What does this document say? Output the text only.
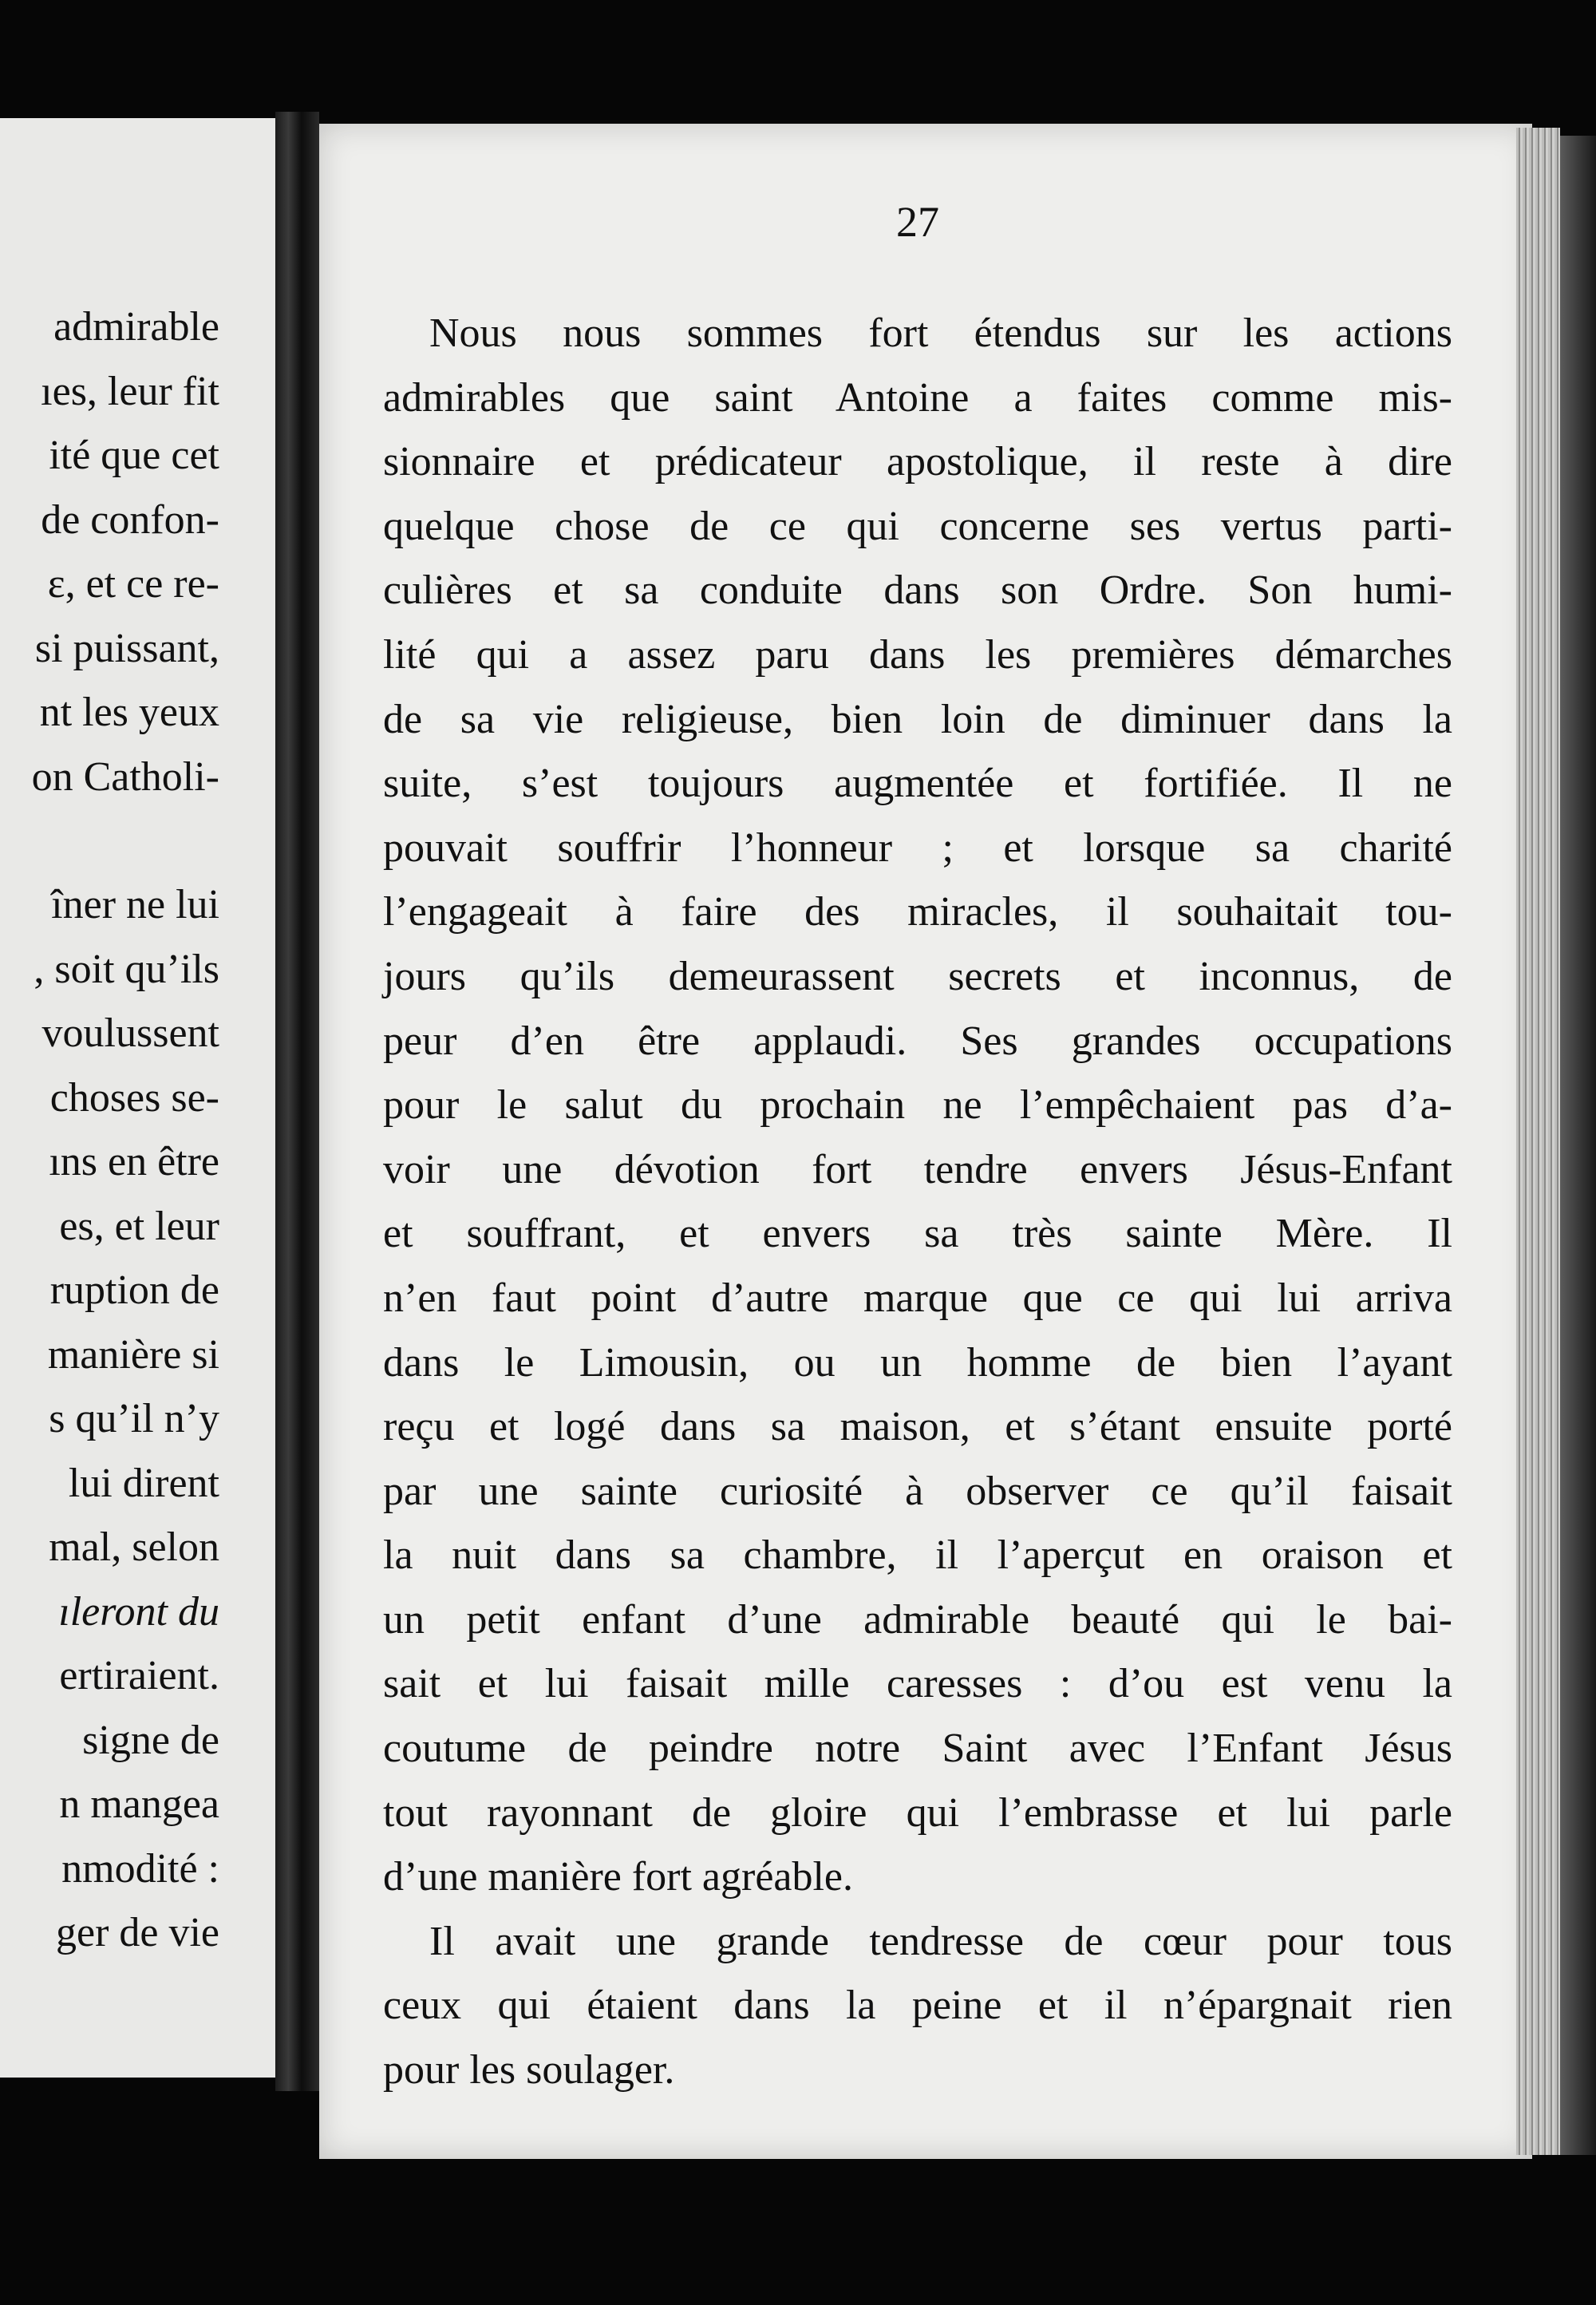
admirable
ıes, leur fit
ité que cet
de confon-
ɛ, et ce re-
si puissant,
nt les yeux
on Catholi-
îner ne lui
, soit qu’ils
voulussent
choses se-
ıns en être
es, et leur
ruption de
manière si
s qu’il n’y
lui dirent
mal, selon
ıleront du
ertiraient.
signe de
n mangea
nmodité :
ger de vie
27
Nous nous sommes fort étendus sur les actions
admirables que saint Antoine a faites comme mis-
sionnaire et prédicateur apostolique, il reste à dire
quelque chose de ce qui concerne ses vertus parti-
culières et sa conduite dans son Ordre. Son humi-
lité qui a assez paru dans les premières démarches
de sa vie religieuse, bien loin de diminuer dans la
suite, s’est toujours augmentée et fortifiée. Il ne
pouvait souffrir l’honneur ; et lorsque sa charité
l’engageait à faire des miracles, il souhaitait tou-
jours qu’ils demeurassent secrets et inconnus, de
peur d’en être applaudi. Ses grandes occupations
pour le salut du prochain ne l’empêchaient pas d’a-
voir une dévotion fort tendre envers Jésus-Enfant
et souffrant, et envers sa très sainte Mère. Il
n’en faut point d’autre marque que ce qui lui arriva
dans le Limousin, ou un homme de bien l’ayant
reçu et logé dans sa maison, et s’étant ensuite porté
par une sainte curiosité à observer ce qu’il faisait
la nuit dans sa chambre, il l’aperçut en oraison et
un petit enfant d’une admirable beauté qui le bai-
sait et lui faisait mille caresses : d’ou est venu la
coutume de peindre notre Saint avec l’Enfant Jésus
tout rayonnant de gloire qui l’embrasse et lui parle
d’une manière fort agréable.
Il avait une grande tendresse de cœur pour tous
ceux qui étaient dans la peine et il n’épargnait rien
pour les soulager.
